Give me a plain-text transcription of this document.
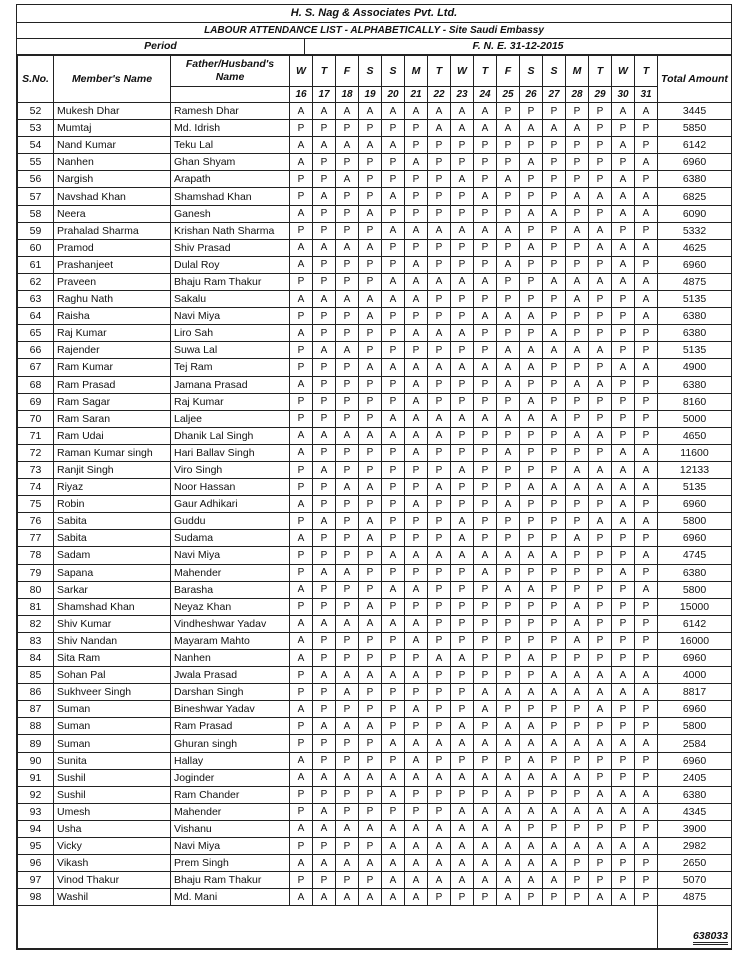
H. S. Nag & Associates Pvt. Ltd.
LABOUR ATTENDANCE LIST - ALPHABETICALLY - Site Saudi Embassy
Period	F. N. E. 31-12-2015
S.No.	Member's Name	Father/Husband's Name	W	T	F	S	S	M	T	W	T	F	S	S	M	T	W	T	Total Amount
			16	17	18	19	20	21	22	23	24	25	26	27	28	29	30	31	
52	Mukesh Dhar	Ramesh Dhar	A	A	A	A	A	A	A	A	A	P	P	P	P	P	A	A	3445
53	Mumtaj	Md. Idrish	P	P	P	P	P	P	A	A	A	A	A	A	A	P	P	P	5850
54	Nand Kumar	Teku Lal	A	A	A	A	A	P	P	P	P	P	P	P	P	P	A	P	6142
55	Nanhen	Ghan Shyam	A	P	P	P	P	A	P	P	P	P	A	P	P	P	P	A	6960
56	Nargish	Arapath	P	P	A	P	P	P	P	A	P	A	P	P	P	P	A	P	6380
57	Navshad Khan	Shamshad Khan	P	A	P	P	A	P	P	P	A	P	P	P	A	A	A	A	6825
58	Neera	Ganesh	A	P	P	A	P	P	P	P	P	P	A	A	P	P	A	A	6090
59	Prahalad Sharma	Krishan Nath Sharma	P	P	P	P	A	A	A	A	A	A	P	P	A	A	P	P	5332
60	Pramod	Shiv Prasad	A	A	A	A	P	P	P	P	P	P	A	P	P	A	A	A	4625
61	Prashanjeet	Dulal Roy	A	P	P	P	P	A	P	P	P	A	P	P	P	P	A	P	6960
62	Praveen	Bhaju Ram Thakur	P	P	P	P	A	A	A	A	A	P	P	A	A	A	A	A	4875
63	Raghu Nath	Sakalu	A	A	A	A	A	A	P	P	P	P	P	P	A	P	P	A	5135
64	Raisha	Navi Miya	P	P	P	A	P	P	P	P	A	A	A	P	P	P	P	A	6380
65	Raj Kumar	Liro Sah	A	P	P	P	P	A	A	A	P	P	P	A	P	P	P	P	6380
66	Rajender	Suwa Lal	P	A	A	P	P	P	P	P	P	A	A	A	A	A	P	P	5135
67	Ram Kumar	Tej Ram	P	P	P	A	A	A	A	A	A	A	A	P	P	P	A	A	4900
68	Ram Prasad	Jamana Prasad	A	P	P	P	P	A	P	P	P	A	P	P	A	A	P	P	6380
69	Ram Sagar	Raj Kumar	P	P	P	P	P	A	P	P	P	P	A	P	P	P	P	P	8160
70	Ram Saran	Laljee	P	P	P	P	A	A	A	A	A	A	A	A	P	P	P	P	5000
71	Ram Udai	Dhanik Lal Singh	A	A	A	A	A	A	A	P	P	P	P	P	A	A	P	P	4650
72	Raman Kumar singh	Hari Ballav Singh	A	P	P	P	P	A	P	P	P	A	P	P	P	P	A	A	11600
73	Ranjit Singh	Viro Singh	P	A	P	P	P	P	P	A	P	P	P	P	A	A	A	A	12133
74	Riyaz	Noor Hassan	P	P	A	A	P	P	A	P	P	P	A	A	A	A	A	A	5135
75	Robin	Gaur Adhikari	A	P	P	P	P	A	P	P	P	A	P	P	P	P	A	P	6960
76	Sabita	Guddu	P	A	P	A	P	P	P	A	P	P	P	P	P	A	A	A	5800
77	Sabita	Sudama	A	P	P	A	P	P	P	A	P	P	P	P	A	P	P	P	6960
78	Sadam	Navi Miya	P	P	P	P	A	A	A	A	A	A	A	A	P	P	P	A	4745
79	Sapana	Mahender	P	A	A	P	P	P	P	P	A	P	P	P	P	P	A	P	6380
80	Sarkar	Barasha	A	P	P	P	A	A	P	P	P	A	A	P	P	P	P	A	5800
81	Shamshad Khan	Neyaz Khan	P	P	P	A	P	P	P	P	P	P	P	P	A	P	P	P	15000
82	Shiv Kumar	Vindheshwar Yadav	A	A	A	A	A	A	P	P	P	P	P	P	A	P	P	P	6142
83	Shiv Nandan	Mayaram Mahto	A	P	P	P	P	A	P	P	P	P	P	P	A	P	P	P	16000
84	Sita Ram	Nanhen	A	P	P	P	P	P	A	A	P	P	A	P	P	P	P	P	6960
85	Sohan Pal	Jwala Prasad	P	A	A	A	A	A	P	P	P	P	P	A	A	A	A	A	4000
86	Sukhveer Singh	Darshan Singh	P	P	A	P	P	P	P	P	A	A	A	A	A	A	A	A	8817
87	Suman	Bineshwar Yadav	A	P	P	P	P	A	P	P	A	P	P	P	P	A	P	P	6960
88	Suman	Ram Prasad	P	A	A	A	P	P	P	A	P	A	A	P	P	P	P	P	5800
89	Suman	Ghuran singh	P	P	P	P	A	A	A	A	A	A	A	A	A	A	A	A	2584
90	Sunita	Hallay	A	P	P	P	P	A	P	P	P	P	A	P	P	P	P	P	6960
91	Sushil	Joginder	A	A	A	A	A	A	A	A	A	A	A	A	A	P	P	P	2405
92	Sushil	Ram Chander	P	P	P	P	A	P	P	P	P	A	P	P	P	A	A	A	6380
93	Umesh	Mahender	P	A	P	P	P	P	P	A	A	A	A	A	A	A	A	A	4345
94	Usha	Vishanu	A	A	A	A	A	A	A	A	A	A	P	P	P	P	P	P	3900
95	Vicky	Navi Miya	P	P	P	P	A	A	A	A	A	A	A	A	A	A	A	A	2982
96	Vikash	Prem Singh	A	A	A	A	A	A	A	A	A	A	A	A	P	P	P	P	2650
97	Vinod Thakur	Bhaju Ram Thakur	P	P	P	P	A	A	A	A	A	A	A	A	P	P	P	P	5070
98	Washil	Md. Mani	A	A	A	A	A	A	P	P	P	A	P	P	P	A	A	P	4875
																			638033
